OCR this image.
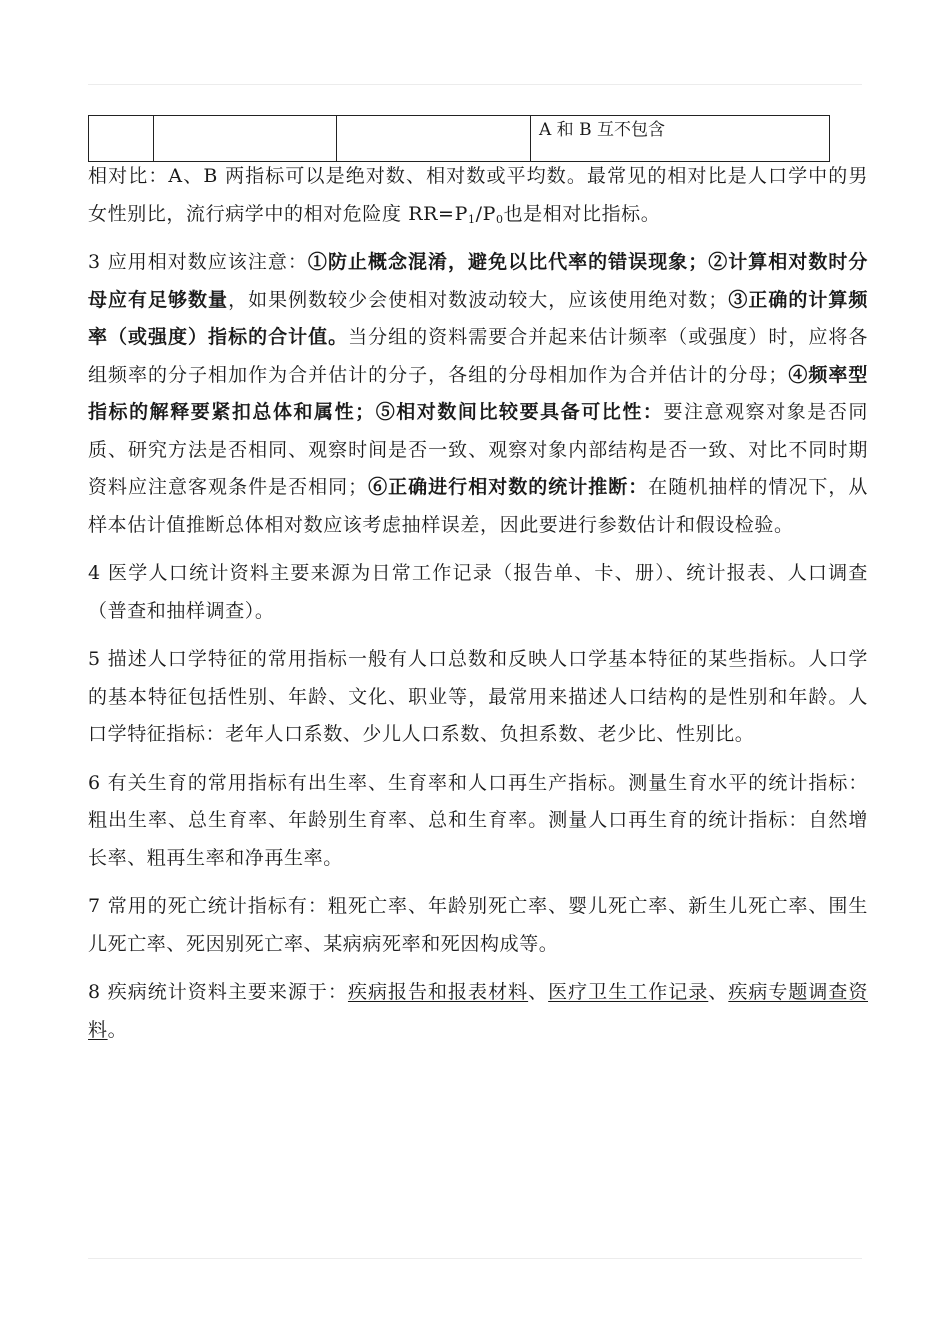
			A 和 B 互不包含

相对比：A、B 两指标可以是绝对数、相对数或平均数。最常见的相对比是人口学中的男女性别比，流行病学中的相对危险度 $RR=P_1/P_0$也是相对比指标。

3 应用相对数应该注意：①防止概念混淆，避免以比代率的错误现象；②计算相对数时分母应有足够数量，如果例数较少会使相对数波动较大，应该使用绝对数；③正确的计算频率（或强度）指标的合计值。当分组的资料需要合并起来估计频率（或强度）时，应将各组频率的分子相加作为合并估计的分子，各组的分母相加作为合并估计的分母；④频率型指标的解释要紧扣总体和属性；⑤相对数间比较要具备可比性：要注意观察对象是否同质、研究方法是否相同、观察时间是否一致、观察对象内部结构是否一致、对比不同时期资料应注意客观条件是否相同；⑥正确进行相对数的统计推断：在随机抽样的情况下，从样本估计值推断总体相对数应该考虑抽样误差，因此要进行参数估计和假设检验。

4 医学人口统计资料主要来源为日常工作记录（报告单、卡、册）、统计报表、人口调查（普查和抽样调查）。

5 描述人口学特征的常用指标一般有人口总数和反映人口学基本特征的某些指标。人口学的基本特征包括性别、年龄、文化、职业等，最常用来描述人口结构的是性别和年龄。人口学特征指标：老年人口系数、少儿人口系数、负担系数、老少比、性别比。

6 有关生育的常用指标有出生率、生育率和人口再生产指标。测量生育水平的统计指标：粗出生率、总生育率、年龄别生育率、总和生育率。测量人口再生育的统计指标：自然增长率、粗再生率和净再生率。

7 常用的死亡统计指标有：粗死亡率、年龄别死亡率、婴儿死亡率、新生儿死亡率、围生儿死亡率、死因别死亡率、某病病死率和死因构成等。

8 疾病统计资料主要来源于：疾病报告和报表材料、医疗卫生工作记录、疾病专题调查资料。
